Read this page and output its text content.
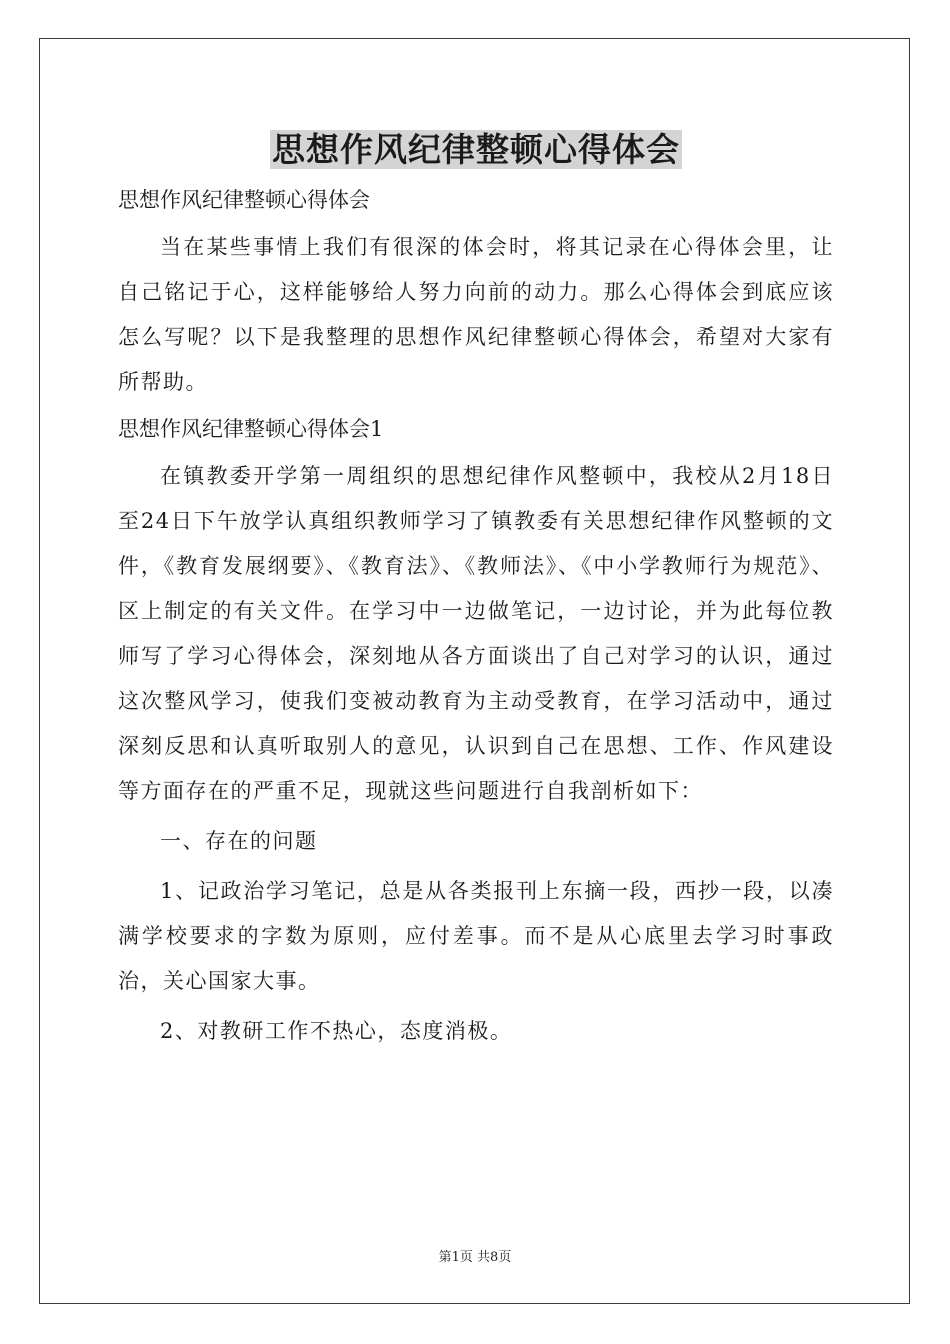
思想作风纪律整顿心得体会

思想作风纪律整顿心得体会

当在某些事情上我们有很深的体会时，将其记录在心得体会里，让自己铭记于心，这样能够给人努力向前的动力。那么心得体会到底应该怎么写呢？以下是我整理的思想作风纪律整顿心得体会，希望对大家有所帮助。

思想作风纪律整顿心得体会1

在镇教委开学第一周组织的思想纪律作风整顿中，我校从2月18日至24日下午放学认真组织教师学习了镇教委有关思想纪律作风整顿的文件，《教育发展纲要》、《教育法》、《教师法》、《中小学教师行为规范》、区上制定的有关文件。在学习中一边做笔记，一边讨论，并为此每位教师写了学习心得体会，深刻地从各方面谈出了自己对学习的认识，通过这次整风学习，使我们变被动教育为主动受教育，在学习活动中，通过深刻反思和认真听取别人的意见，认识到自己在思想、工作、作风建设等方面存在的严重不足，现就这些问题进行自我剖析如下：

一、存在的问题

1、记政治学习笔记，总是从各类报刊上东摘一段，西抄一段，以凑满学校要求的字数为原则，应付差事。而不是从心底里去学习时事政治，关心国家大事。

2、对教研工作不热心，态度消极。

第1页 共8页
